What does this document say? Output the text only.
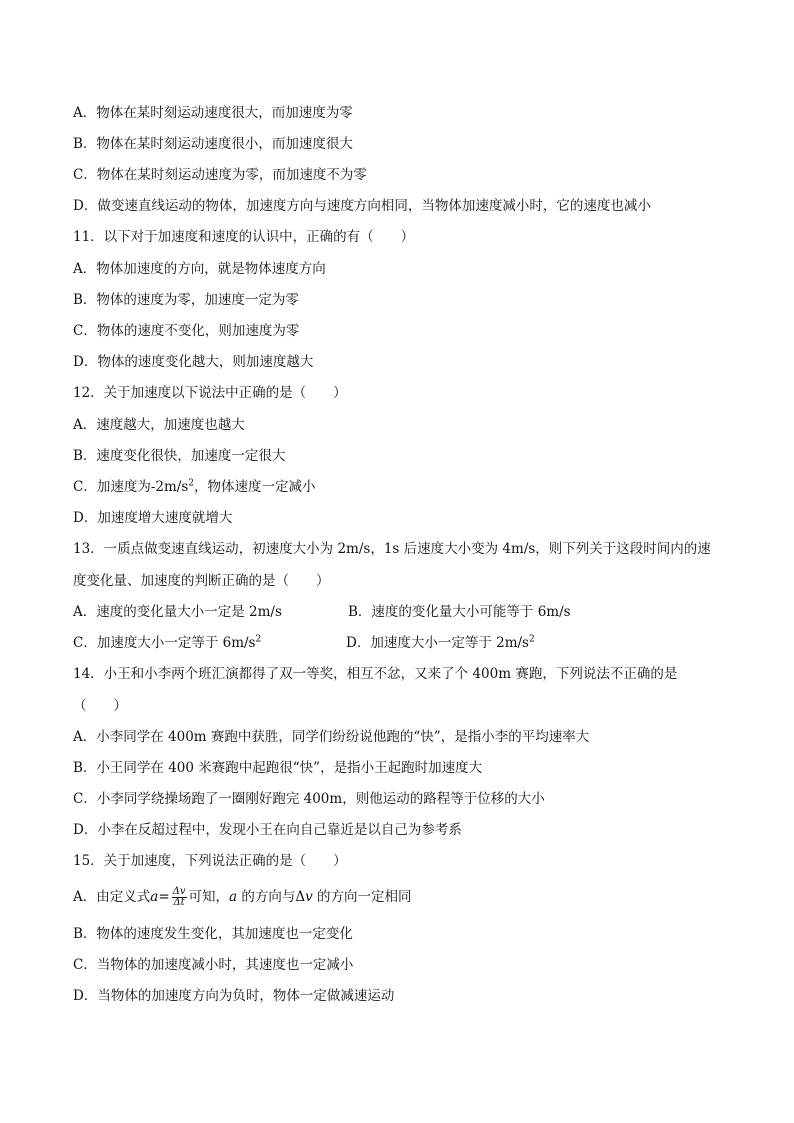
A．物体在某时刻运动速度很大，而加速度为零
B．物体在某时刻运动速度很小，而加速度很大
C．物体在某时刻运动速度为零，而加速度不为零
D．做变速直线运动的物体，加速度方向与速度方向相同，当物体加速度减小时，它的速度也减小
11．以下对于加速度和速度的认识中，正确的有（　　）
A．物体加速度的方向，就是物体速度方向
B．物体的速度为零，加速度一定为零
C．物体的速度不变化，则加速度为零
D．物体的速度变化越大，则加速度越大
12．关于加速度以下说法中正确的是（　　）
A．速度越大，加速度也越大
B．速度变化很快，加速度一定很大
C．加速度为$-2m/s^2$，物体速度一定减小
D．加速度增大速度就增大
13．一质点做变速直线运动，初速度大小为 2m/s，1s 后速度大小变为 4m/s，则下列关于这段时间内的速
度变化量、加速度的判断正确的是（　　）
A．速度的变化量大小一定是 2m/s	B．速度的变化量大小可能等于 6m/s
C．加速度大小一定等于 $6m/s^2$	D．加速度大小一定等于 $2m/s^2$
14．小王和小李两个班汇演都得了双一等奖，相互不忿，又来了个 400m 赛跑，下列说法不正确的是
（　　）
A．小李同学在 400m 赛跑中获胜，同学们纷纷说他跑的“快”，是指小李的平均速率大
B．小王同学在 400 米赛跑中起跑很“快”，是指小王起跑时加速度大
C．小李同学绕操场跑了一圈刚好跑完 400m，则他运动的路程等于位移的大小
D．小李在反超过程中，发现小王在向自己靠近是以自己为参考系
15．关于加速度，下列说法正确的是（　　）
A．由定义式$a= \frac{\Delta v}{\Delta t}$ 可知，a 的方向与Δv 的方向一定相同
B．物体的速度发生变化，其加速度也一定变化
C．当物体的加速度减小时，其速度也一定减小
D．当物体的加速度方向为负时，物体一定做减速运动
